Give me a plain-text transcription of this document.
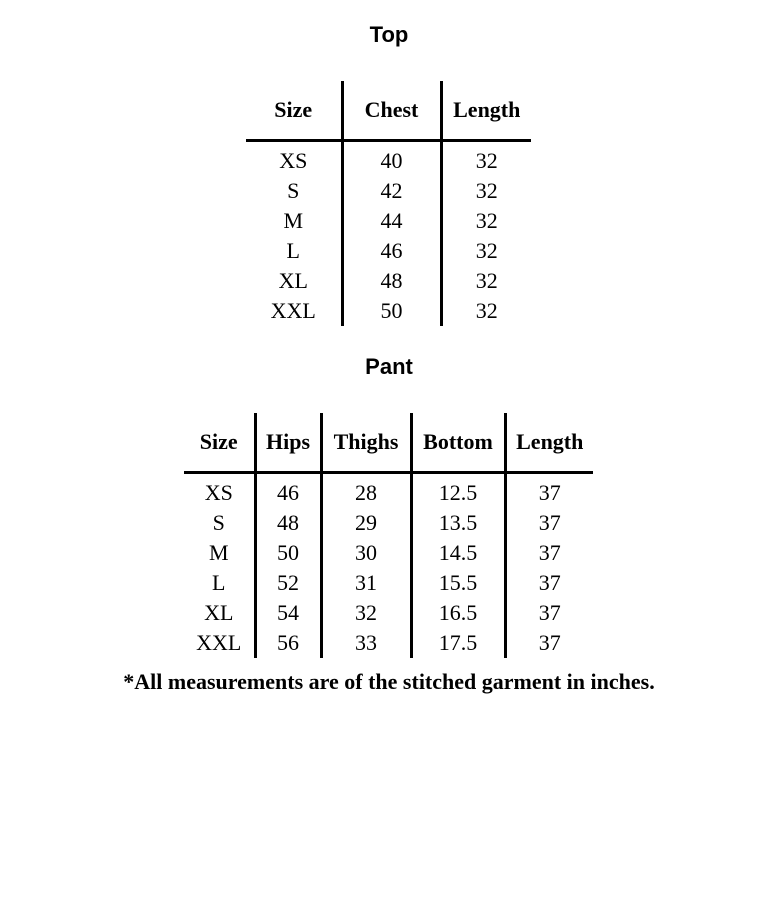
Top
Size	Chest	Length
XS	40	32
S	42	32
M	44	32
L	46	32
XL	48	32
XXL	50	32
Pant
Size	Hips	Thighs	Bottom	Length
XS	46	28	12.5	37
S	48	29	13.5	37
M	50	30	14.5	37
L	52	31	15.5	37
XL	54	32	16.5	37
XXL	56	33	17.5	37

*All measurements are of the stitched garment in inches.
